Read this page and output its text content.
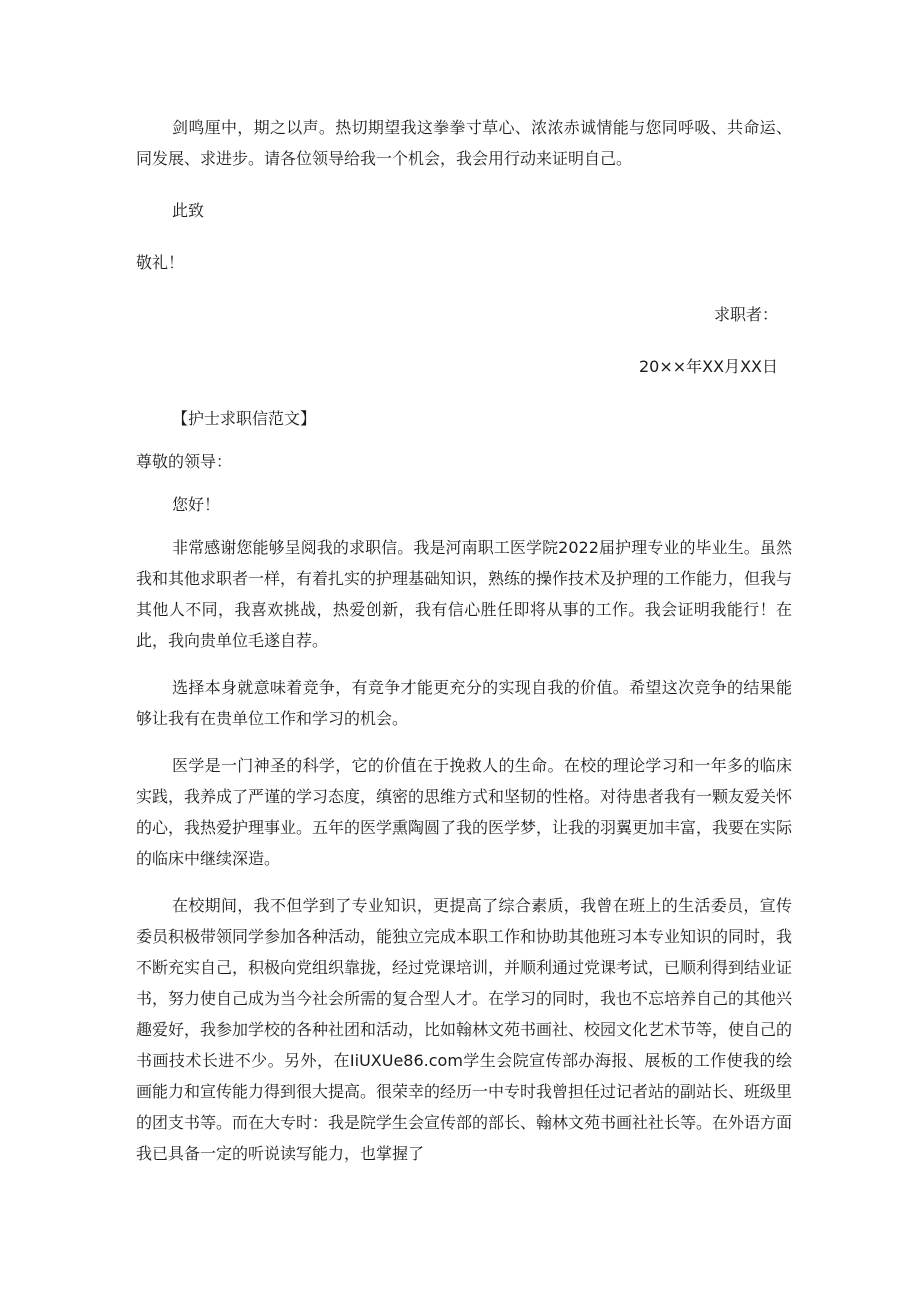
剑鸣厘中，期之以声。热切期望我这拳拳寸草心、浓浓赤诚情能与您同呼吸、共命运、同发展、求进步。请各位领导给我一个机会，我会用行动来证明自己。

此致

敬礼！

求职者：

20××年XX月XX日

【护士求职信范文】

尊敬的领导：

您好！

非常感谢您能够呈阅我的求职信。我是河南职工医学院2022届护理专业的毕业生。虽然我和其他求职者一样，有着扎实的护理基础知识，熟练的操作技术及护理的工作能力，但我与其他人不同，我喜欢挑战，热爱创新，我有信心胜任即将从事的工作。我会证明我能行！在此，我向贵单位毛遂自荐。

选择本身就意味着竞争，有竞争才能更充分的实现自我的价值。希望这次竞争的结果能够让我有在贵单位工作和学习的机会。

医学是一门神圣的科学，它的价值在于挽救人的生命。在校的理论学习和一年多的临床实践，我养成了严谨的学习态度，缜密的思维方式和坚韧的性格。对待患者我有一颗友爱关怀的心，我热爱护理事业。五年的医学熏陶圆了我的医学梦，让我的羽翼更加丰富，我要在实际的临床中继续深造。

在校期间，我不但学到了专业知识，更提高了综合素质，我曾在班上的生活委员，宣传委员积极带领同学参加各种活动，能独立完成本职工作和协助其他班习本专业知识的同时，我不断充实自己，积极向党组织靠拢，经过党课培训，并顺利通过党课考试，已顺利得到结业证书，努力使自己成为当今社会所需的复合型人才。在学习的同时，我也不忘培养自己的其他兴趣爱好，我参加学校的各种社团和活动，比如翰林文苑书画社、校园文化艺术节等，使自己的书画技术长进不少。另外，在IiUXUe86.com学生会院宣传部办海报、展板的工作使我的绘画能力和宣传能力得到很大提高。很荣幸的经历一中专时我曾担任过记者站的副站长、班级里的团支书等。而在大专时：我是院学生会宣传部的部长、翰林文苑书画社社长等。在外语方面我已具备一定的听说读写能力，也掌握了
